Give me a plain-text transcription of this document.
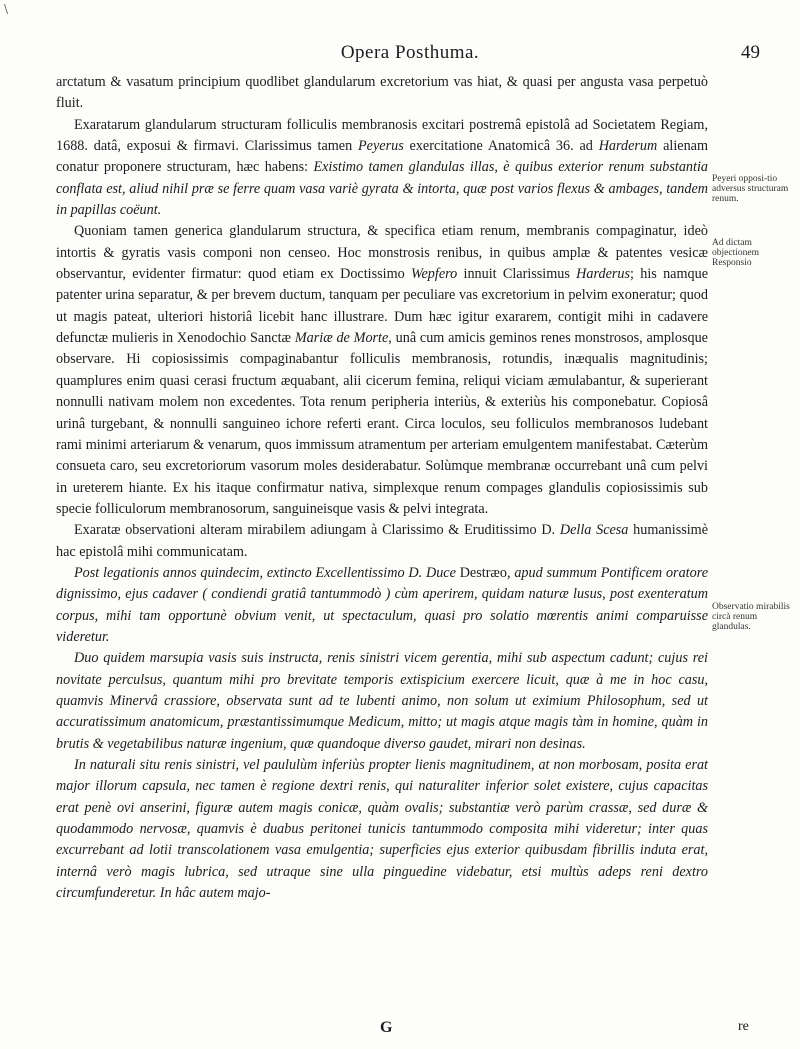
\
Opera Posthuma.	49

arctatum & vasatum principium quodlibet glandularum excretorium vas hiat, & quasi per angusta vasa perpetuò fluit.

Exaratarum glandularum structuram folliculis membranosis excitari postremâ epistolâ ad Societatem Regiam, 1688. datâ, exposui & firmavi. Clarissimus tamen Peyerus exercitatione Anatomicâ 36. ad Harderum alienam conatur proponere structuram, hæc habens: Existimo tamen glandulas illas, è quibus exterior renum substantia conflata est, aliud nihil præ se ferre quam vasa variè gyrata & intorta, quæ post varios flexus & ambages, tandem in papillas coëunt.

Quoniam tamen generica glandularum structura, & specifica etiam renum, membranis compaginatur, ideò intortis & gyratis vasis componi non censeo. Hoc monstrosis renibus, in quibus amplæ & patentes vesicæ observantur, evidenter firmatur: quod etiam ex Doctissimo Wepfero innuit Clarissimus Harderus; his namque patenter urina separatur, & per brevem ductum, tanquam per peculiare vas excretorium in pelvim exoneratur; quod ut magis pateat, ulteriori historiâ licebit hanc illustrare. Dum hæc igitur exararem, contigit mihi in cadavere defunctæ mulieris in Xenodochio Sanctæ Mariæ de Morte, unâ cum amicis geminos renes monstrosos, amplosque observare. Hi copiosissimis compaginabantur folliculis membranosis, rotundis, inæqualis magnitudinis; quamplures enim quasi cerasi fructum æquabant, alii cicerum femina, reliqui viciam æmulabantur, & superierant nonnulli nativam molem non excedentes. Tota renum peripheria interiùs, & exteriùs his componebatur. Copiosâ urinâ turgebant, & nonnulli sanguineo ichore referti erant. Circa loculos, seu folliculos membranosos ludebant rami minimi arteriarum & venarum, quos immissum atramentum per arteriam emulgentem manifestabat. Cæterùm consueta caro, seu excretoriorum vasorum moles desiderabatur. Solùmque membranæ occurrebant unâ cum pelvi in ureterem hiante. Ex his itaque confirmatur nativa, simplexque renum compages glandulis copiosissimis sub specie folliculorum membranosorum, sanguineisque vasis & pelvi integrata.

Exaratæ observationi alteram mirabilem adiungam à Clarissimo & Eruditissimo D. Della Scesa humanissimè hac epistolâ mihi communicatam.

Post legationis annos quindecim, extincto Excellentissimo D. Duce Destræo, apud summum Pontificem oratore dignissimo, ejus cadaver ( condiendi gratiâ tantummodò ) cùm aperirem, quidam naturæ lusus, post exenteratum corpus, mihi tam opportunè obvium venit, ut spectaculum, quasi pro solatio mœrentis animi comparuisse videretur.

Duo quidem marsupia vasis suis instructa, renis sinistri vicem gerentia, mihi sub aspectum cadunt; cujus rei novitate perculsus, quantum mihi pro brevitate temporis extispicium exercere licuit, quæ à me in hoc casu, quamvis Minervâ crassiore, observata sunt ad te lubenti animo, non solum ut eximium Philosophum, sed ut accuratissimum anatomicum, præstantissimumque Medicum, mitto; ut magis atque magis tàm in homine, quàm in brutis & vegetabilibus naturæ ingenium, quæ quandoque diverso gaudet, mirari non desinas.

In naturali situ renis sinistri, vel paululùm inferiùs propter lienis magnitudinem, at non morbosam, posita erat major illorum capsula, nec tamen è regione dextri renis, qui naturaliter inferior solet existere, cujus capacitas erat penè ovi anserini, figuræ autem magis conicæ, quàm ovalis; substantiæ verò parùm crassæ, sed duræ & quodammodo nervosæ, quamvis è duabus peritonei tunicis tantummodo composita mihi videretur; inter quas excurrebant ad lotii transcolationem vasa emulgentia; superficies ejus exterior quibusdam fibrillis induta erat, internâ verò magis lubrica, sed utraque sine ulla pinguedine videbatur, etsi multùs adeps reni dextro circumfunderetur. In hâc autem majo-

Peyeri opposi-tio adversus structuram renum.
Ad dictam objectionem Responsio
Observatio mirabilis circà renum glandulas.
G	re
